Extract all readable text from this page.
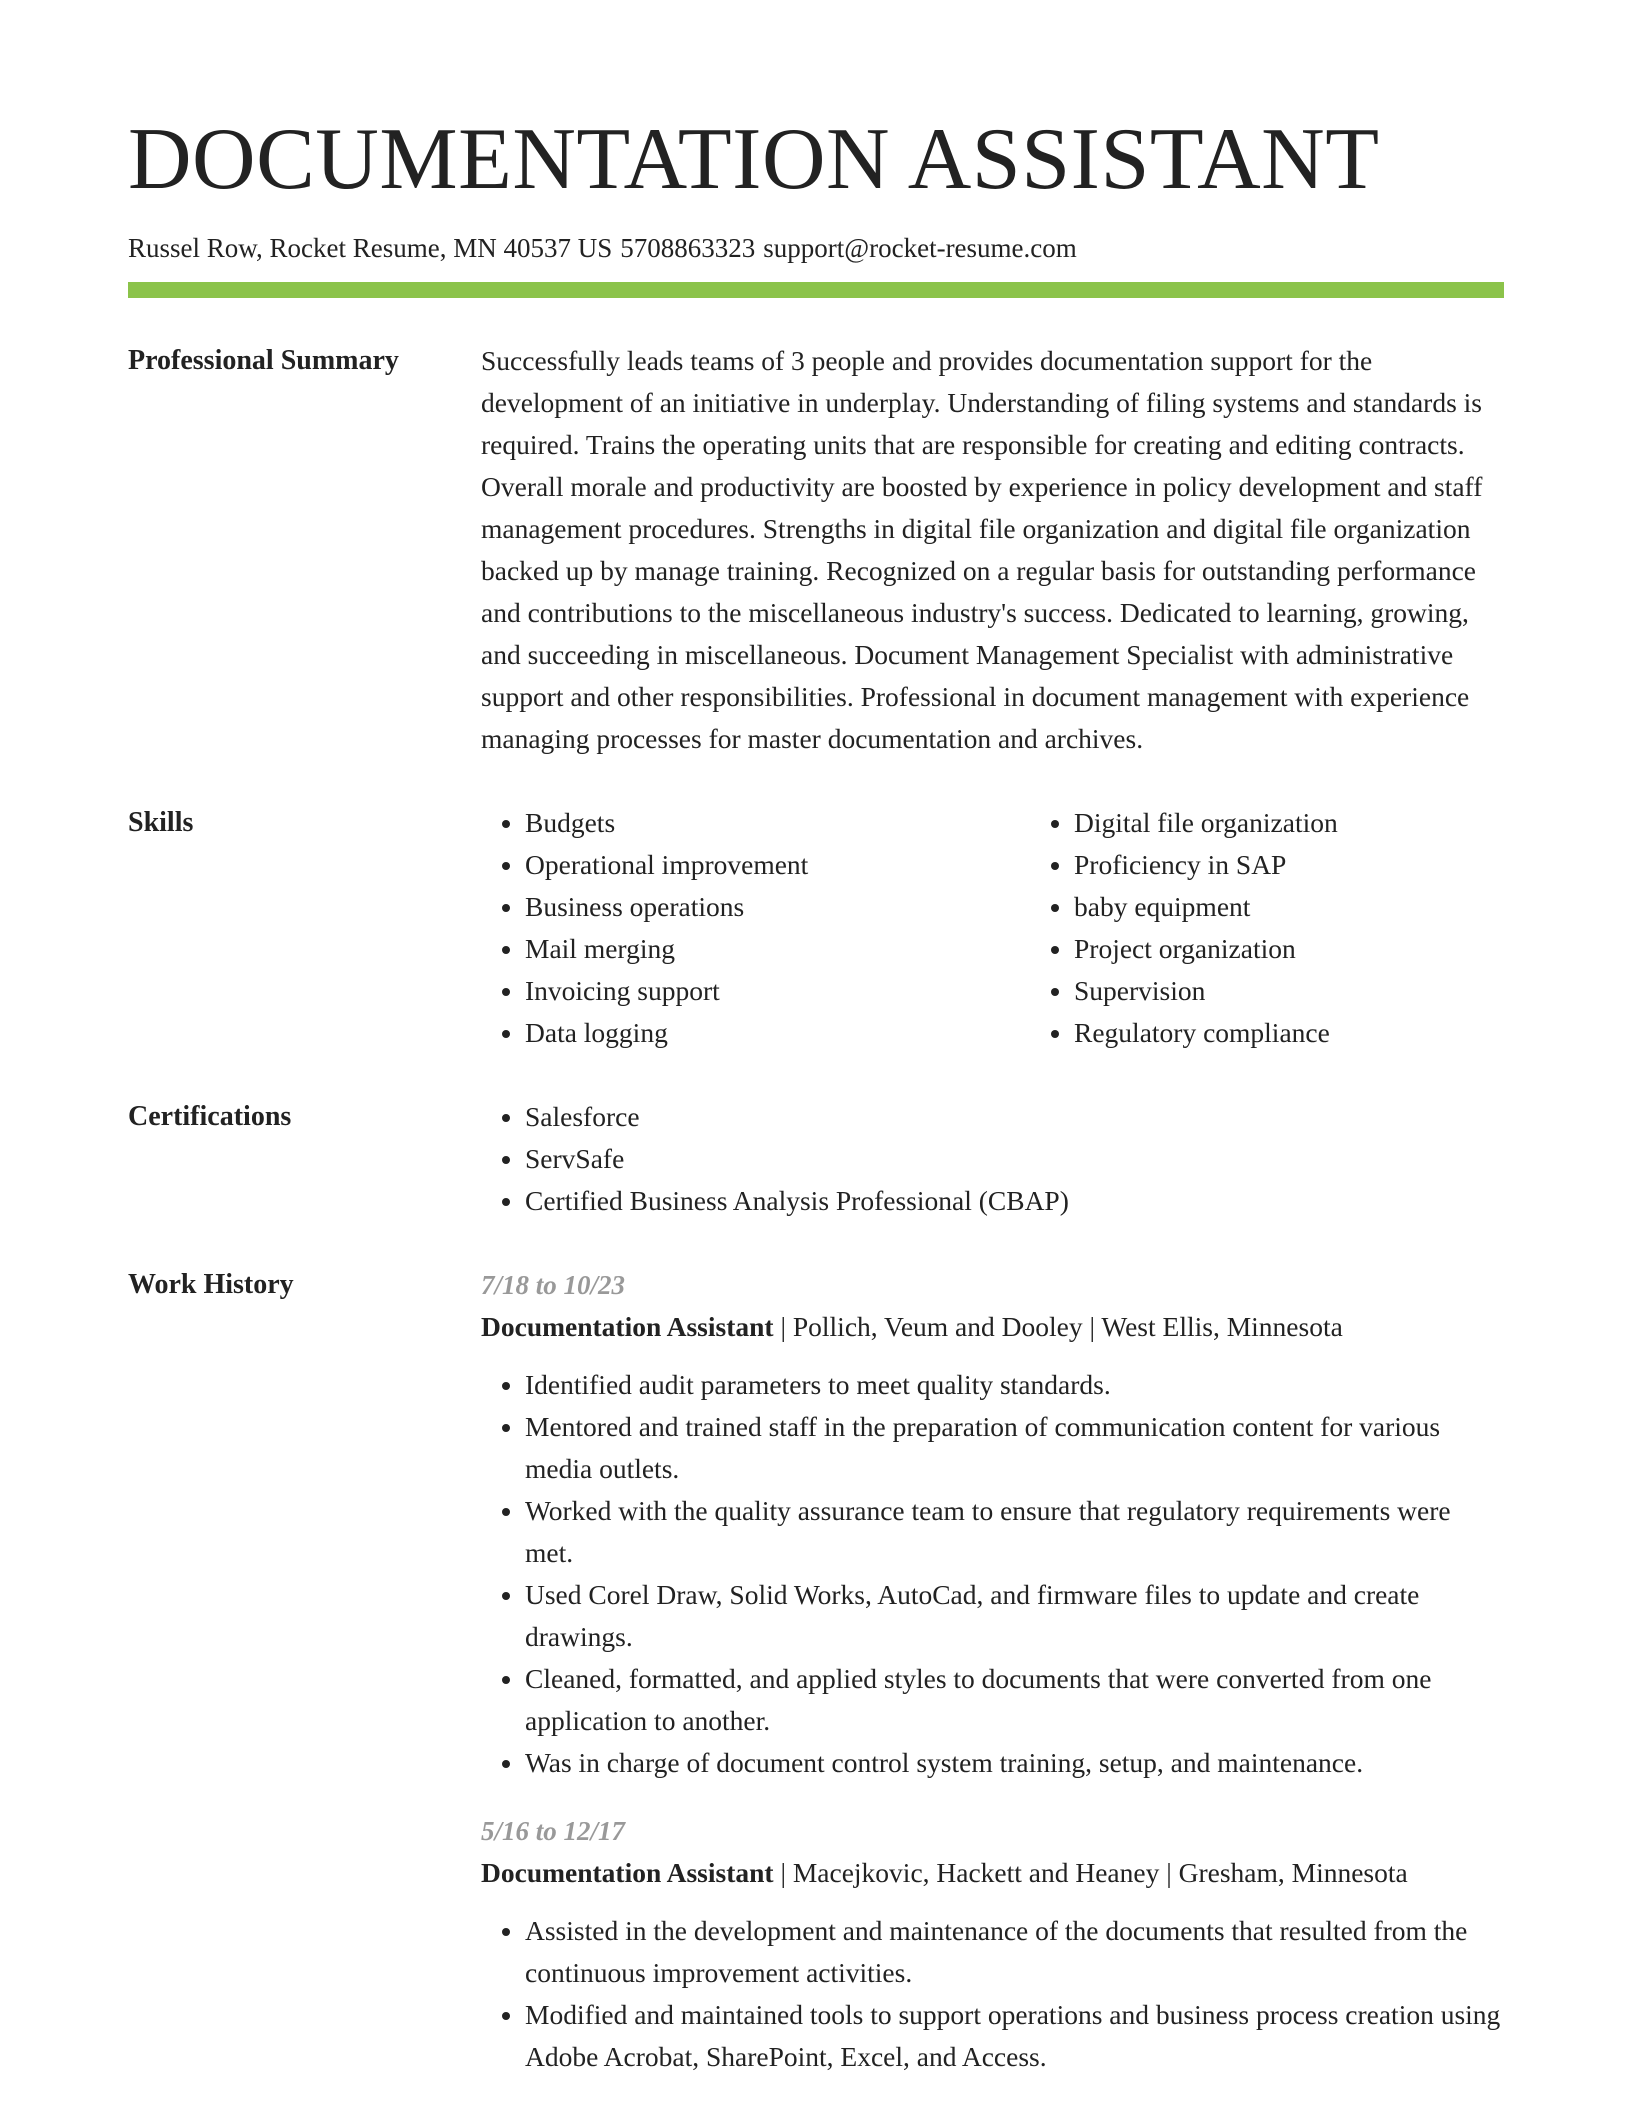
DOCUMENTATION ASSISTANT
Russel Row, Rocket Resume, MN 40537 US 5708863323 support@rocket-resume.com
Professional Summary	Successfully leads teams of 3 people and provides documentation support for the development of an initiative in underplay. Understanding of filing systems and standards is required. Trains the operating units that are responsible for creating and editing contracts. Overall morale and productivity are boosted by experience in policy development and staff management procedures. Strengths in digital file organization and digital file organization backed up by manage training. Recognized on a regular basis for outstanding performance and contributions to the miscellaneous industry's success. Dedicated to learning, growing, and succeeding in miscellaneous. Document Management Specialist with administrative support and other responsibilities. Professional in document management with experience managing processes for master documentation and archives.

Skills	• Budgets
• Operational improvement
• Business operations
• Mail merging
• Invoicing support
• Data logging
• Digital file organization
• Proficiency in SAP
• baby equipment
• Project organization
• Supervision
• Regulatory compliance
Certifications	• Salesforce
• ServSafe
• Certified Business Analysis Professional (CBAP)
Work History	7/18 to 10/23
Documentation Assistant | Pollich, Veum and Dooley | West Ellis, Minnesota
• Identified audit parameters to meet quality standards.
• Mentored and trained staff in the preparation of communication content for various media outlets.
• Worked with the quality assurance team to ensure that regulatory requirements were met.
• Used Corel Draw, Solid Works, AutoCad, and firmware files to update and create drawings.
• Cleaned, formatted, and applied styles to documents that were converted from one application to another.
• Was in charge of document control system training, setup, and maintenance.
5/16 to 12/17
Documentation Assistant | Macejkovic, Hackett and Heaney | Gresham, Minnesota
• Assisted in the development and maintenance of the documents that resulted from the continuous improvement activities.
• Modified and maintained tools to support operations and business process creation using Adobe Acrobat, SharePoint, Excel, and Access.
